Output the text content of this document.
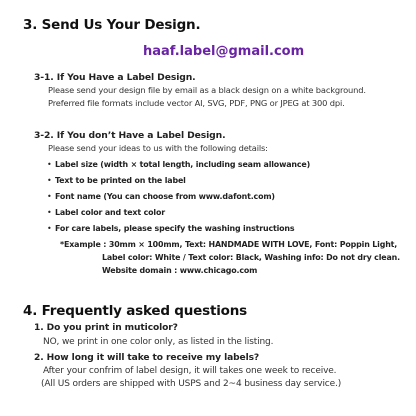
3. Send Us Your Design.
haaf.label@gmail.com
3-1. If You Have a Label Design.
Please send your design file by email as a black design on a white background.
Preferred file formats include vector AI, SVG, PDF, PNG or JPEG at 300 dpi.
3-2. If You don’t Have a Label Design.
Please send your ideas to us with the following details:
• Label size (width × total length, including seam allowance)
• Text to be printed on the label
• Font name (You can choose from www.dafont.com)
• Label color and text color
• For care labels, please specify the washing instructions
*Example : 30mm × 100mm, Text: HANDMADE WITH LOVE, Font: Poppin Light,
Label color: White / Text color: Black, Washing info: Do not dry clean.
Website domain : www.chicago.com
4. Frequently asked questions
1. Do you print in muticolor?
NO, we print in one color only, as listed in the listing.
2. How long it will take to receive my labels?
After your confrim of label design, it will takes one week to receive.
(All US orders are shipped with USPS and 2~4 business day service.)
